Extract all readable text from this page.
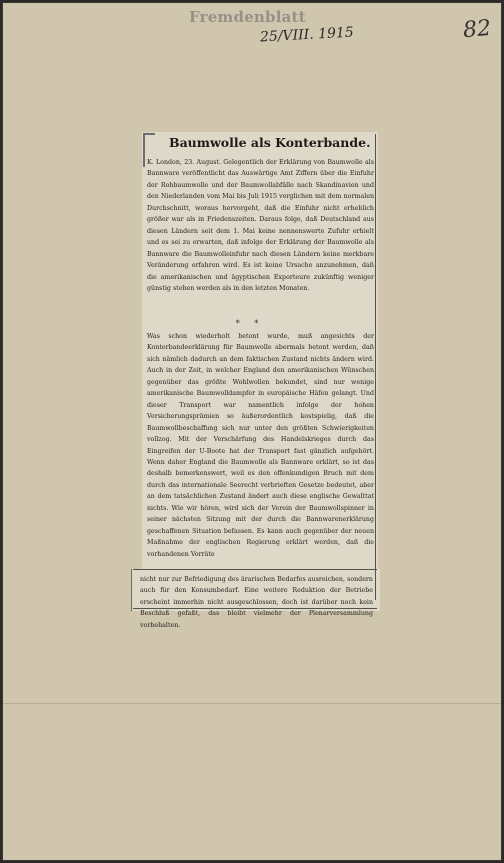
Fremdenblatt
25/VIII. 1915	82
Baumwolle als Konterbande.

K. London, 23. August. Gelegentlich der Erklärung von Baumwolle als Bannware veröffentlicht das Auswärtige Amt Ziffern über die Einfuhr der Rohbaumwolle und der Baumwollabfälle nach Skandinavien und den Niederlanden vom Mai bis Juli 1915 verglichen mit dem normalen Durchschnitt, woraus hervorgeht, daß die Einfuhr nicht erheblich größer war als in Friedenszeiten. Daraus folge, daß Deutschland aus diesen Ländern seit dem 1. Mai keine nennenswerte Zufuhr erhielt und es sei zu erwarten, daß infolge der Erklärung der Baumwolle als Bannware die Baumwolleinfuhr nach diesen Ländern keine merkbare Veränderung erfahren wird. Es ist keine Ursache anzunehmen, daß die amerikanischen und ägyptischen Exporteure zukünftig weniger günstig stehen werden als in den letzten Monaten.

* *

Was schon wiederholt betont wurde, muß angesichts der Konterbandeerklärung für Baumwolle abermals betont werden, daß sich nämlich dadurch an dem faktischen Zustand nichts ändern wird. Auch in der Zeit, in welcher England den amerikanischen Wünschen gegenüber das größte Wohlwollen bekundet, sind nur wenige amerikanische Baumwolldampfer in europäische Häfen gelangt. Und dieser Transport war namentlich infolge der hohen Versicherungsprämien so äußerordentlich kostspielig, daß die Baumwollbeschaffung sich nur unter den größten Schwierigkeiten vollzog. Mit der Verschärfung des Handelskrieges durch das Eingreifen der U-Boote hat der Transport fast gänzlich aufgehört. Wenn daher England die Baumwolle als Bannware erklärt, so ist das deshalb bemerkenswert, weil es den offenkundigen Bruch mit dem durch das internationale Seerecht verbrieften Gesetze bedeutet, aber an dem tatsächlichen Zustand ändert auch diese englische Gewalttat nichts. Wie wir hören, wird sich der Verein der Baumwollspinner in seiner nächsten Sitzung mit der durch die Bannwarenerklärung geschaffenen Situation befassen. Es kann auch gegenüber der neuen Maßnahme der englischen Regierung erklärt werden, daß die vorhandenen Vorräte

nicht nur zur Befriedigung des ärarischen Bedarfes ausreichen, sondern auch für den Konsumbedarf. Eine weitere Reduktion der Betriebe erscheint immerhin nicht ausgeschlossen, doch ist darüber noch kein Beschluß gefaßt, das bleibt vielmehr der Plenarversammlung vorbehalten.
